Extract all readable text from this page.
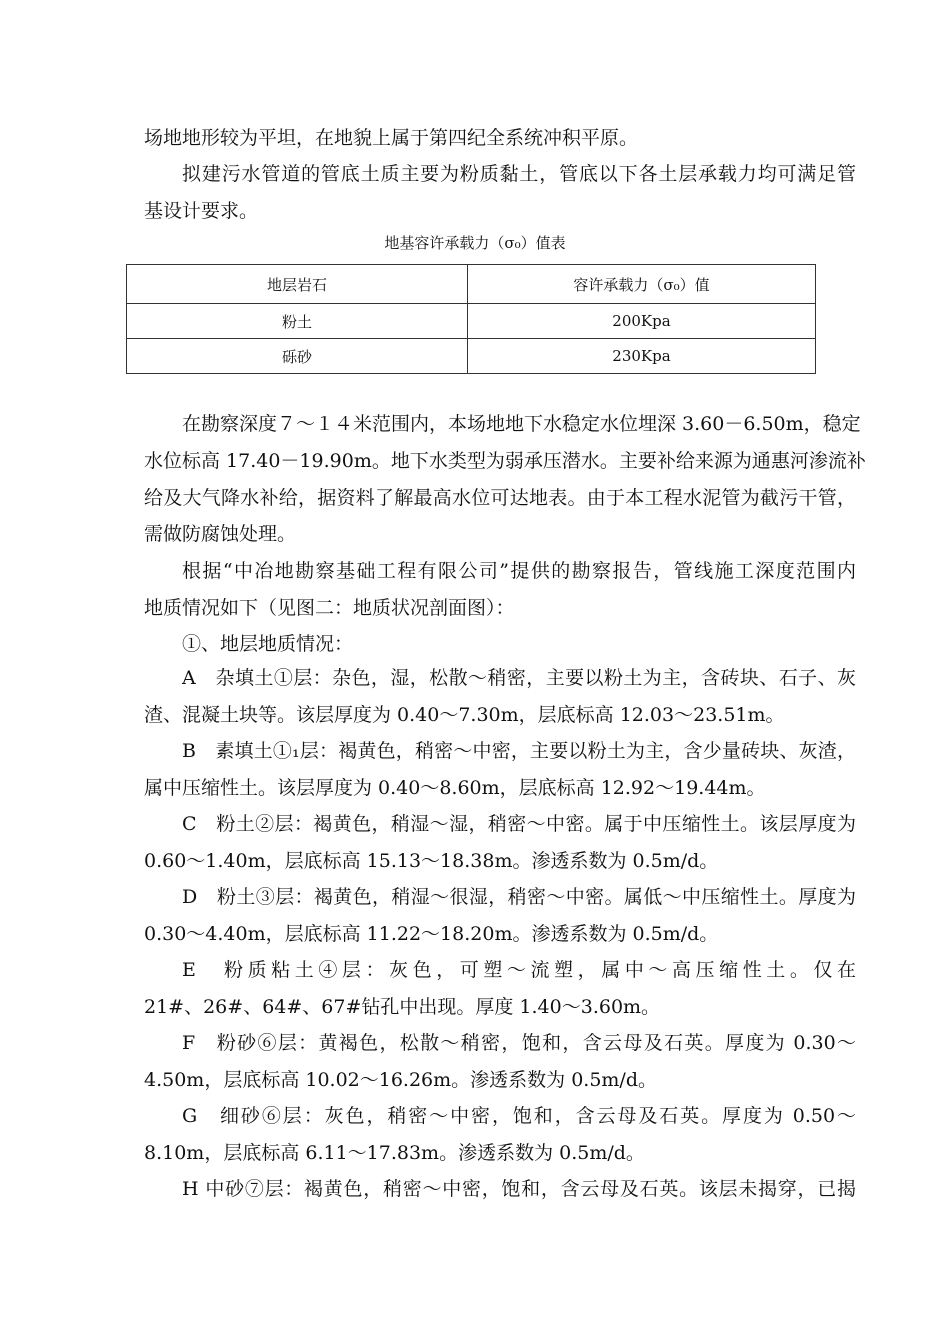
场地地形较为平坦，在地貌上属于第四纪全系统冲积平原。
拟建污水管道的管底土质主要为粉质黏土，管底以下各土层承载力均可满足管
基设计要求。
地基容许承载力（σ₀）值表
地层岩石	容许承载力（σ₀）值
粉土	200Kpa
砾砂	230Kpa
在勘察深度７～１４米范围内，本场地地下水稳定水位埋深 3.60－6.50m，稳定
水位标高 17.40－19.90m。地下水类型为弱承压潜水。主要补给来源为通惠河渗流补
给及大气降水补给，据资料了解最高水位可达地表。由于本工程水泥管为截污干管，
需做防腐蚀处理。
根据“中冶地勘察基础工程有限公司”提供的勘察报告，管线施工深度范围内
地质情况如下（见图二：地质状况剖面图）：
①、地层地质情况：
A　杂填土①层：杂色，湿，松散～稍密，主要以粉土为主，含砖块、石子、灰
渣、混凝土块等。该层厚度为 0.40～7.30m，层底标高 12.03～23.51m。
B　素填土①₁层：褐黄色，稍密～中密，主要以粉土为主，含少量砖块、灰渣，
属中压缩性土。该层厚度为 0.40～8.60m，层底标高 12.92～19.44m。
C　粉土②层：褐黄色，稍湿～湿，稍密～中密。属于中压缩性土。该层厚度为
0.60～1.40m，层底标高 15.13～18.38m。渗透系数为 0.5m/d。
D　粉土③层：褐黄色，稍湿～很湿，稍密～中密。属低～中压缩性土。厚度为
0.30～4.40m，层底标高 11.22～18.20m。渗透系数为 0.5m/d。
E　粉质粘土④层：灰色，可塑～流塑，属中～高压缩性土。仅在
21#、26#、64#、67#钻孔中出现。厚度 1.40～3.60m。
F　粉砂⑥层：黄褐色，松散～稍密，饱和，含云母及石英。厚度为 0.30～
4.50m，层底标高 10.02～16.26m。渗透系数为 0.5m/d。
G　细砂⑥层：灰色，稍密～中密，饱和，含云母及石英。厚度为 0.50～
8.10m，层底标高 6.11～17.83m。渗透系数为 0.5m/d。
H 中砂⑦层：褐黄色，稍密～中密，饱和，含云母及石英。该层未揭穿，已揭
